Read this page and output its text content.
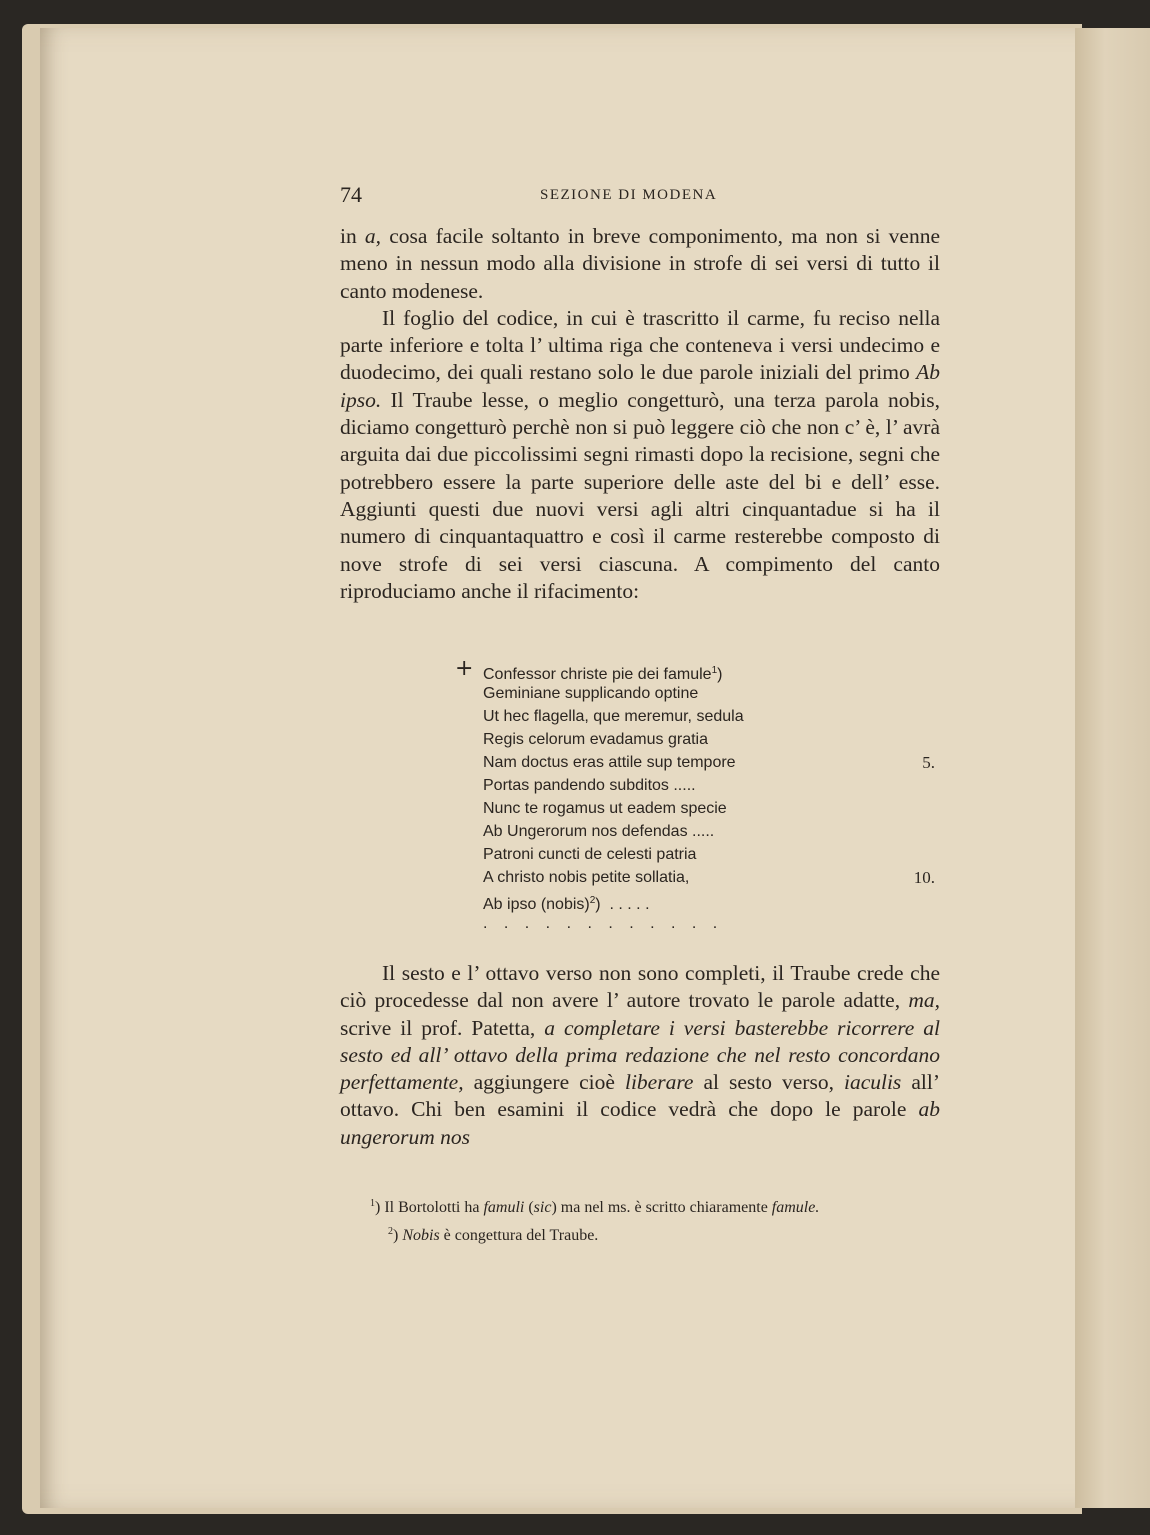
74	SEZIONE DI MODENA

in a, cosa facile soltanto in breve componimento, ma non si venne meno in nessun modo alla divisione in strofe di sei versi di tutto il canto modenese.

Il foglio del codice, in cui è trascritto il carme, fu reciso nella parte inferiore e tolta l’ ultima riga che conteneva i versi undecimo e duodecimo, dei quali restano solo le due parole iniziali del primo Ab ipso. Il Traube lesse, o meglio congetturò, una terza parola nobis, diciamo congetturò perchè non si può leggere ciò che non c’ è, l’ avrà arguita dai due piccolissimi segni rimasti dopo la recisione, segni che potrebbero essere la parte superiore delle aste del bi e dell’ esse. Aggiunti questi due nuovi versi agli altri cinquantadue si ha il numero di cinquantaquattro e così il carme resterebbe composto di nove strofe di sei versi ciascuna. A compimento del canto riproduciamo anche il rifacimento:

+ Confessor christe pie dei famule$^1$)
Geminiane supplicando optine
Ut hec flagella, que meremur, sedula
Regis celorum evadamus gratia
Nam doctus eras attile sup tempore	5.
Portas pandendo subditos .....
Nunc te rogamus ut eadem specie
Ab Ungerorum nos defendas .....
Patroni cuncti de celesti patria
A christo nobis petite sollatia,	10.
Ab ipso (nobis)$^2$)  . . . . .
. . . . . . . . . . . .

Il sesto e l’ ottavo verso non sono completi, il Traube crede che ciò procedesse dal non avere l’ autore trovato le parole adatte, ma, scrive il prof. Patetta, a completare i versi basterebbe ricorrere al sesto ed all’ ottavo della prima redazione che nel resto concordano perfettamente, aggiungere cioè liberare al sesto verso, iaculis all’ ottavo. Chi ben esamini il codice vedrà che dopo le parole ab ungerorum nos

$^1$) Il Bortolotti ha famuli (sic) ma nel ms. è scritto chiaramente famule.

$^2$) Nobis è congettura del Traube.
